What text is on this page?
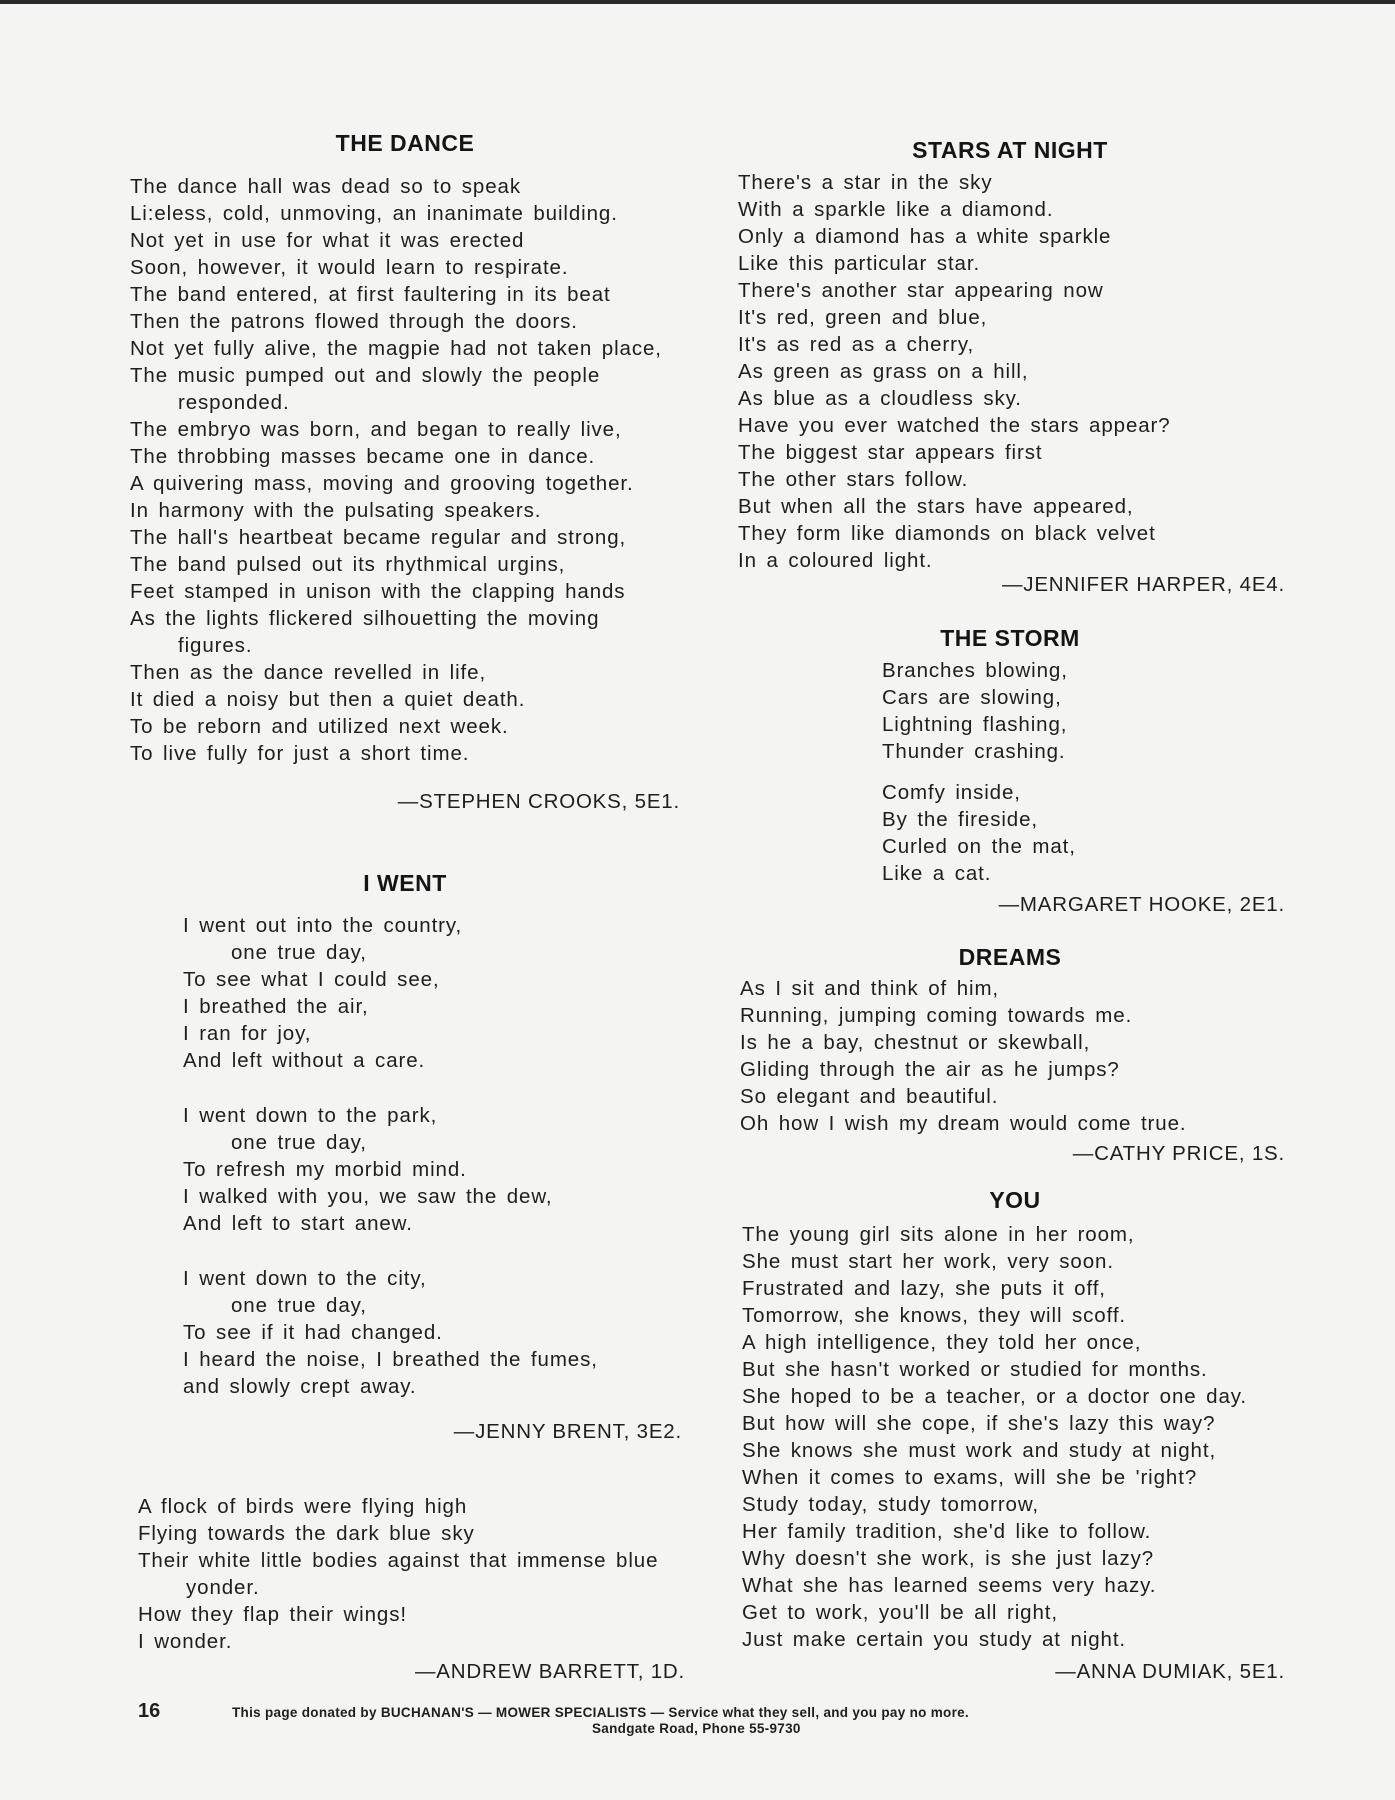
THE DANCE
The dance hall was dead so to speak
Li:eless, cold, unmoving, an inanimate building.
Not yet in use for what it was erected
Soon, however, it would learn to respirate.
The band entered, at first faultering in its beat
Then the patrons flowed through the doors.
Not yet fully alive, the magpie had not taken place,
The music pumped out and slowly the people
responded.
The embryo was born, and began to really live,
The throbbing masses became one in dance.
A quivering mass, moving and grooving together.
In harmony with the pulsating speakers.
The hall's heartbeat became regular and strong,
The band pulsed out its rhythmical urgins,
Feet stamped in unison with the clapping hands
As the lights flickered silhouetting the moving
figures.
Then as the dance revelled in life,
It died a noisy but then a quiet death.
To be reborn and utilized next week.
To live fully for just a short time.
—STEPHEN CROOKS, 5E1.
I WENT
I went out into the country,
one true day,
To see what I could see,
I breathed the air,
I ran for joy,
And left without a care.
I went down to the park,
one true day,
To refresh my morbid mind.
I walked with you, we saw the dew,
And left to start anew.
I went down to the city,
one true day,
To see if it had changed.
I heard the noise, I breathed the fumes,
and slowly crept away.
—JENNY BRENT, 3E2.
A flock of birds were flying high
Flying towards the dark blue sky
Their white little bodies against that immense blue
yonder.
How they flap their wings!
I wonder.
—ANDREW BARRETT, 1D.
STARS AT NIGHT
There's a star in the sky
With a sparkle like a diamond.
Only a diamond has a white sparkle
Like this particular star.
There's another star appearing now
It's red, green and blue,
It's as red as a cherry,
As green as grass on a hill,
As blue as a cloudless sky.
Have you ever watched the stars appear?
The biggest star appears first
The other stars follow.
But when all the stars have appeared,
They form like diamonds on black velvet
In a coloured light.
—JENNIFER HARPER, 4E4.
THE STORM
Branches blowing,
Cars are slowing,
Lightning flashing,
Thunder crashing.
Comfy inside,
By the fireside,
Curled on the mat,
Like a cat.
—MARGARET HOOKE, 2E1.
DREAMS
As I sit and think of him,
Running, jumping coming towards me.
Is he a bay, chestnut or skewball,
Gliding through the air as he jumps?
So elegant and beautiful.
Oh how I wish my dream would come true.
—CATHY PRICE, 1S.
YOU
The young girl sits alone in her room,
She must start her work, very soon.
Frustrated and lazy, she puts it off,
Tomorrow, she knows, they will scoff.
A high intelligence, they told her once,
But she hasn't worked or studied for months.
She hoped to be a teacher, or a doctor one day.
But how will she cope, if she's lazy this way?
She knows she must work and study at night,
When it comes to exams, will she be 'right?
Study today, study tomorrow,
Her family tradition, she'd like to follow.
Why doesn't she work, is she just lazy?
What she has learned seems very hazy.
Get to work, you'll be all right,
Just make certain you study at night.
—ANNA DUMIAK, 5E1.
16	This page donated by BUCHANAN'S — MOWER SPECIALISTS — Service what they sell, and you pay no more.
Sandgate Road, Phone 55-9730
